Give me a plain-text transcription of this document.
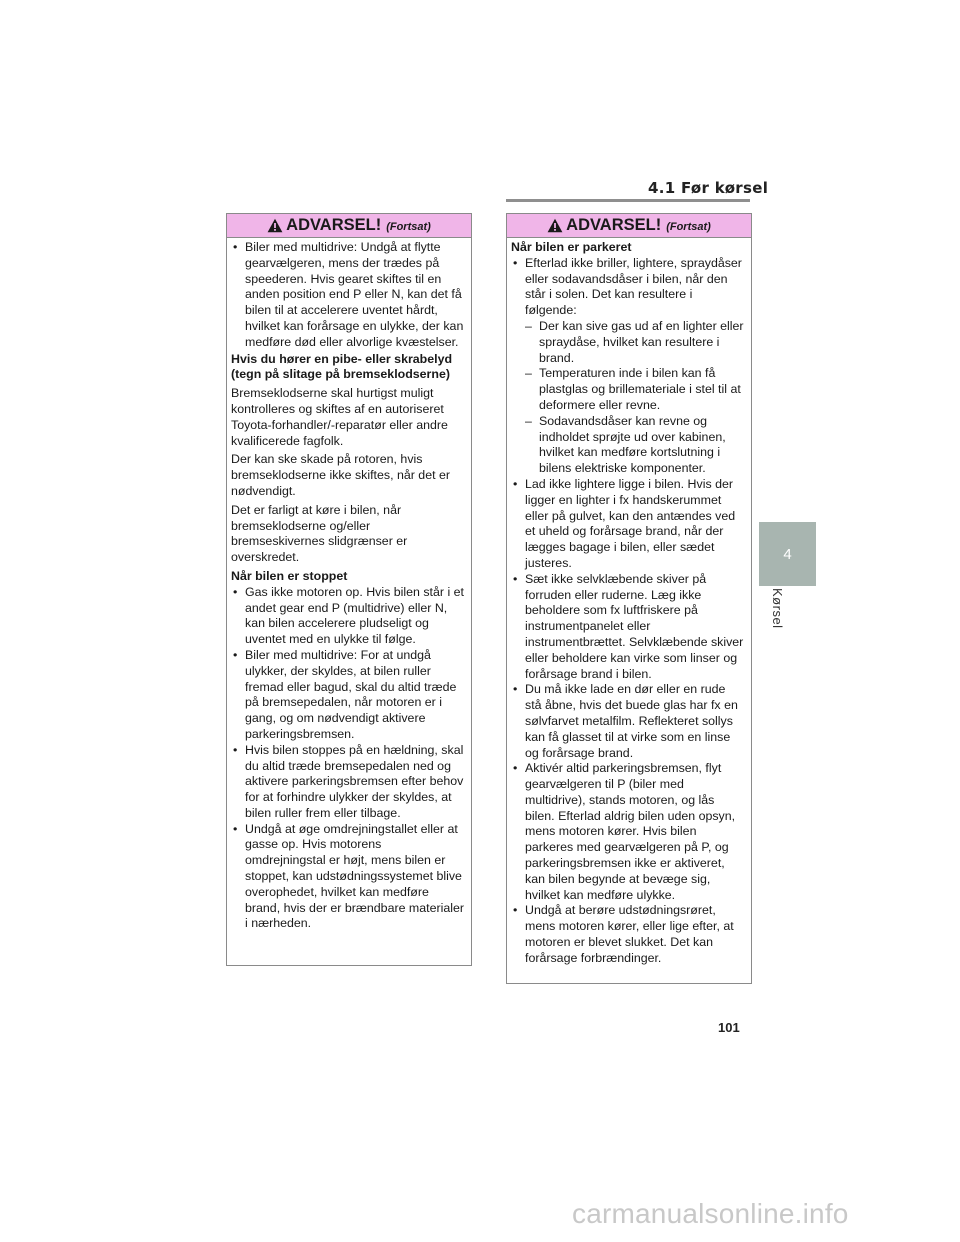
4.1 Før kørsel
ADVARSEL! (Fortsat)
• Biler med multidrive: Undgå at flytte gearvælgeren, mens der trædes på speederen. Hvis gearet skiftes til en anden position end P eller N, kan det få bilen til at accelerere uventet hårdt, hvilket kan forårsage en ulykke, der kan medføre død eller alvorlige kvæstelser.

Hvis du hører en pibe- eller skrabelyd (tegn på slitage på bremseklodserne)

Bremseklodserne skal hurtigst muligt kontrolleres og skiftes af en autoriseret Toyota-forhandler/-reparatør eller andre kvalificerede fagfolk.

Der kan ske skade på rotoren, hvis bremseklodserne ikke skiftes, når det er nødvendigt.

Det er farligt at køre i bilen, når bremseklodserne og/eller bremseskivernes slidgrænser er overskredet.

Når bilen er stoppet

• Gas ikke motoren op. Hvis bilen står i et andet gear end P (multidrive) eller N, kan bilen accelerere pludseligt og uventet med en ulykke til følge.
• Biler med multidrive: For at undgå ulykker, der skyldes, at bilen ruller fremad eller bagud, skal du altid træde på bremsepedalen, når motoren er i gang, og om nødvendigt aktivere parkeringsbremsen.
• Hvis bilen stoppes på en hældning, skal du altid træde bremsepedalen ned og aktivere parkeringsbremsen efter behov for at forhindre ulykker der skyldes, at bilen ruller frem eller tilbage.
• Undgå at øge omdrejningstallet eller at gasse op. Hvis motorens omdrejningstal er højt, mens bilen er stoppet, kan udstødningssystemet blive overophedet, hvilket kan medføre brand, hvis der er brændbare materialer i nærheden.
ADVARSEL! (Fortsat)

Når bilen er parkeret

• Efterlad ikke briller, lightere, spraydåser eller sodavandsdåser i bilen, når den står i solen. Det kan resultere i følgende:
– Der kan sive gas ud af en lighter eller spraydåse, hvilket kan resultere i brand.
– Temperaturen inde i bilen kan få plastglas og brillemateriale i stel til at deformere eller revne.
– Sodavandsdåser kan revne og indholdet sprøjte ud over kabinen, hvilket kan medføre kortslutning i bilens elektriske komponenter.
• Lad ikke lightere ligge i bilen. Hvis der ligger en lighter i fx handskerummet eller på gulvet, kan den antændes ved et uheld og forårsage brand, når der lægges bagage i bilen, eller sædet justeres.
• Sæt ikke selvklæbende skiver på forruden eller ruderne. Læg ikke beholdere som fx luftfriskere på instrumentpanelet eller instrumentbrættet. Selvklæbende skiver eller beholdere kan virke som linser og forårsage brand i bilen.
• Du må ikke lade en dør eller en rude stå åbne, hvis det buede glas har fx en sølvfarvet metalfilm. Reflekteret sollys kan få glasset til at virke som en linse og forårsage brand.
• Aktivér altid parkeringsbremsen, flyt gearvælgeren til P (biler med multidrive), stands motoren, og lås bilen. Efterlad aldrig bilen uden opsyn, mens motoren kører. Hvis bilen parkeres med gearvælgeren på P, og parkeringsbremsen ikke er aktiveret, kan bilen begynde at bevæge sig, hvilket kan medføre ulykke.
• Undgå at berøre udstødningsrøret, mens motoren kører, eller lige efter, at motoren er blevet slukket. Det kan forårsage forbrændinger.
4
Kørsel
101
carmanualsonline.info
